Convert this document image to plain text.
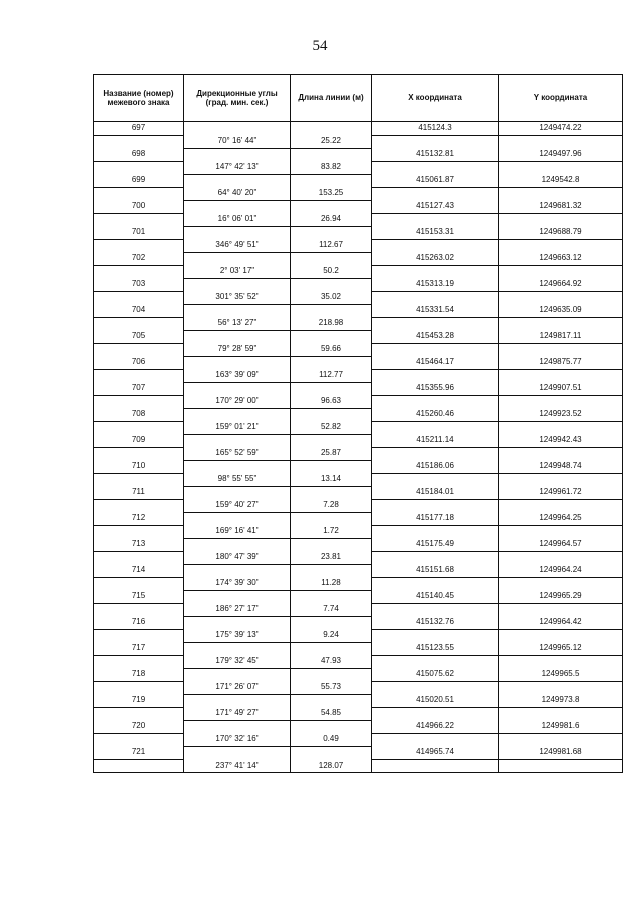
54
Название (номер) межевого знака	Дирекционные углы (град. мин. сек.)	Длина линии (м)	X координата	Y координата
697			415124.3	1249474.22
	70° 16' 44"	25.22		
698			415132.81	1249497.96
	147° 42' 13"	83.82		
699			415061.87	1249542.8
	64° 40' 20"	153.25		
700			415127.43	1249681.32
	16° 06' 01"	26.94		
701			415153.31	1249688.79
	346° 49' 51"	112.67		
702			415263.02	1249663.12
	2° 03' 17"	50.2		
703			415313.19	1249664.92
	301° 35' 52"	35.02		
704			415331.54	1249635.09
	56° 13' 27"	218.98		
705			415453.28	1249817.11
	79° 28' 59"	59.66		
706			415464.17	1249875.77
	163° 39' 09"	112.77		
707			415355.96	1249907.51
	170° 29' 00"	96.63		
708			415260.46	1249923.52
	159° 01' 21"	52.82		
709			415211.14	1249942.43
	165° 52' 59"	25.87		
710			415186.06	1249948.74
	98° 55' 55"	13.14		
711			415184.01	1249961.72
	159° 40' 27"	7.28		
712			415177.18	1249964.25
	169° 16' 41"	1.72		
713			415175.49	1249964.57
	180° 47' 39"	23.81		
714			415151.68	1249964.24
	174° 39' 30"	11.28		
715			415140.45	1249965.29
	186° 27' 17"	7.74		
716			415132.76	1249964.42
	175° 39' 13"	9.24		
717			415123.55	1249965.12
	179° 32' 45"	47.93		
718			415075.62	1249965.5
	171° 26' 07"	55.73		
719			415020.51	1249973.8
	171° 49' 27"	54.85		
720			414966.22	1249981.6
	170° 32' 16"	0.49		
721			414965.74	1249981.68
	237° 41' 14"	128.07		
